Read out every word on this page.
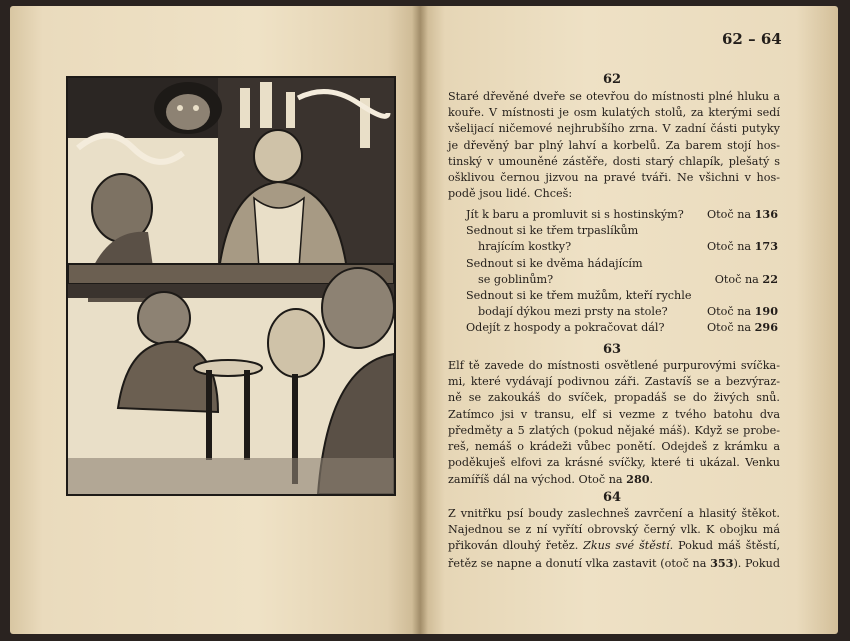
62 – 64
62
Staré dřevěné dveře se otevřou do místnosti plné hluku a
kouře. V místnosti je osm kulatých stolů, za kterými sedí
všelijací ničemové nejhrubšího zrna. V zadní části putyky
je dřevěný bar plný lahví a korbelů. Za barem stojí hos-
tinský v umouněné zástěře, dosti starý chlapík, plešatý s
ošklivou černou jizvou na pravé tváři. Ne všichni v hos-
podě jsou lidé. Chceš:
Jít k baru a promluvit si s hostinským?	Otoč na 136
Sednout si ke třem trpaslíkům
hrajícím kostky?	Otoč na 173
Sednout si ke dvěma hádajícím
se goblinům?	Otoč na 22
Sednout si ke třem mužům, kteří rychle
bodají dýkou mezi prsty na stole?	Otoč na 190
Odejít z hospody a pokračovat dál?	Otoč na 296
63
Elf tě zavede do místnosti osvětlené purpurovými svíčka-
mi, které vydávají podivnou záři. Zastavíš se a bezvýraz-
ně se zakoukáš do svíček, propadáš se do živých snů.
Zatímco jsi v transu, elf si vezme z tvého batohu dva
předměty a 5 zlatých (pokud nějaké máš). Když se probe-
reš, nemáš o krádeži vůbec ponětí. Odejdeš z krámku a
poděkuješ elfovi za krásné svíčky, které ti ukázal. Venku
zamíříš dál na východ. Otoč na 280.
64
Z vnitřku psí boudy zaslechneš zavrčení a hlasitý štěkot.
Najednou se z ní vyřítí obrovský černý vlk. K obojku má
přikován dlouhý řetěz. Zkus své štěstí. Pokud máš štěstí,
řetěz se napne a donutí vlka zastavit (otoč na 353). Pokud
